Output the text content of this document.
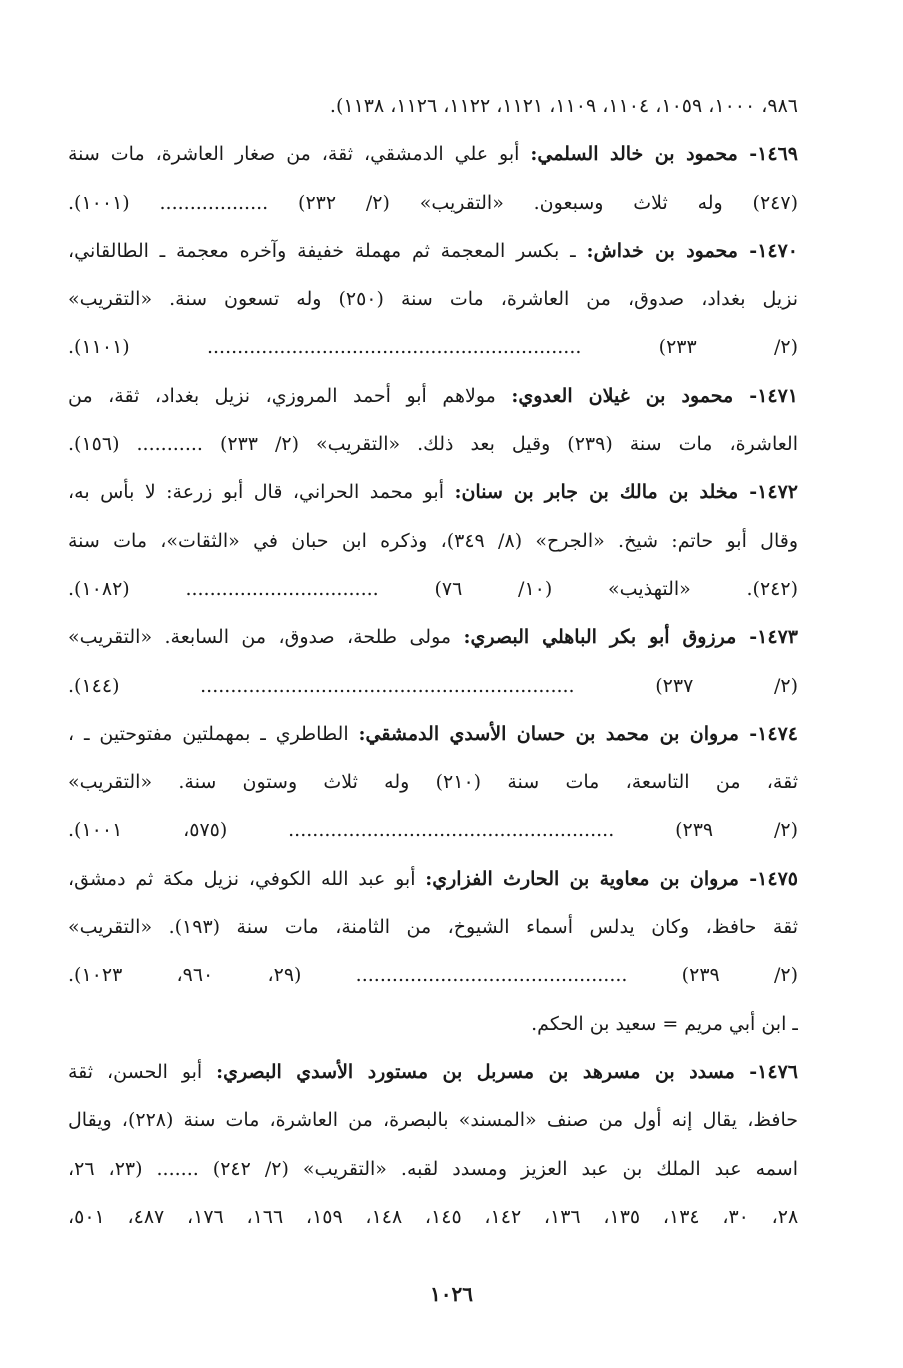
٩٨٦، ١٠٠٠، ١٠٥٩، ١١٠٤، ١١٠٩، ١١٢١، ١١٢٢، ١١٢٦، ١١٣٨).
١٤٦٩- محمود بن خالد السلمي: أبو علي الدمشقي، ثقة، من صغار العاشرة، مات سنة
(٢٤٧) وله ثلاث وسبعون. «التقريب» (٢/ ٢٣٢) .................. (١٠٠١).
١٤٧٠- محمود بن خداش: ـ بكسر المعجمة ثم مهملة خفيفة وآخره معجمة ـ الطالقاني،
نزيل بغداد، صدوق، من العاشرة، مات سنة (٢٥٠) وله تسعون سنة. «التقريب»
(٢/ ٢٣٣) .............................................................. (١١٠١).
١٤٧١- محمود بن غيلان العدوي: مولاهم أبو أحمد المروزي، نزيل بغداد، ثقة، من
العاشرة، مات سنة (٢٣٩) وقيل بعد ذلك. «التقريب» (٢/ ٢٣٣) ........... (١٥٦).
١٤٧٢- مخلد بن مالك بن جابر بن سنان: أبو محمد الحراني، قال أبو زرعة: لا بأس به،
وقال أبو حاتم: شيخ. «الجرح» (٨/ ٣٤٩)، وذكره ابن حبان في «الثقات»، مات سنة
(٢٤٢). «التهذيب» (١٠/ ٧٦) ................................ (١٠٨٢).
١٤٧٣- مرزوق أبو بكر الباهلي البصري: مولى طلحة، صدوق، من السابعة. «التقريب»
(٢/ ٢٣٧) .............................................................. (١٤٤).
١٤٧٤- مروان بن محمد بن حسان الأسدي الدمشقي: الطاطري ـ بمهملتين مفتوحتين ـ ،
ثقة، من التاسعة، مات سنة (٢١٠) وله ثلاث وستون سنة. «التقريب»
(٢/ ٢٣٩) ...................................................... (٥٧٥، ١٠٠١).
١٤٧٥- مروان بن معاوية بن الحارث الفزاري: أبو عبد الله الكوفي، نزيل مكة ثم دمشق،
ثقة حافظ، وكان يدلس أسماء الشيوخ، من الثامنة، مات سنة (١٩٣). «التقريب»
(٢/ ٢٣٩) ............................................. (٢٩، ٩٦٠، ١٠٢٣).
ـ ابن أبي مريم = سعيد بن الحكم.
١٤٧٦- مسدد بن مسرهد بن مسربل بن مستورد الأسدي البصري: أبو الحسن، ثقة
حافظ، يقال إنه أول من صنف «المسند» بالبصرة، من العاشرة، مات سنة (٢٢٨)، ويقال
اسمه عبد الملك بن عبد العزيز ومسدد لقبه. «التقريب» (٢/ ٢٤٢) ....... (٢٣، ٢٦،
٢٨، ٣٠، ١٣٤، ١٣٥، ١٣٦، ١٤٢، ١٤٥، ١٤٨، ١٥٩، ١٦٦، ١٧٦، ٤٨٧، ٥٠١،
١٠٢٦
